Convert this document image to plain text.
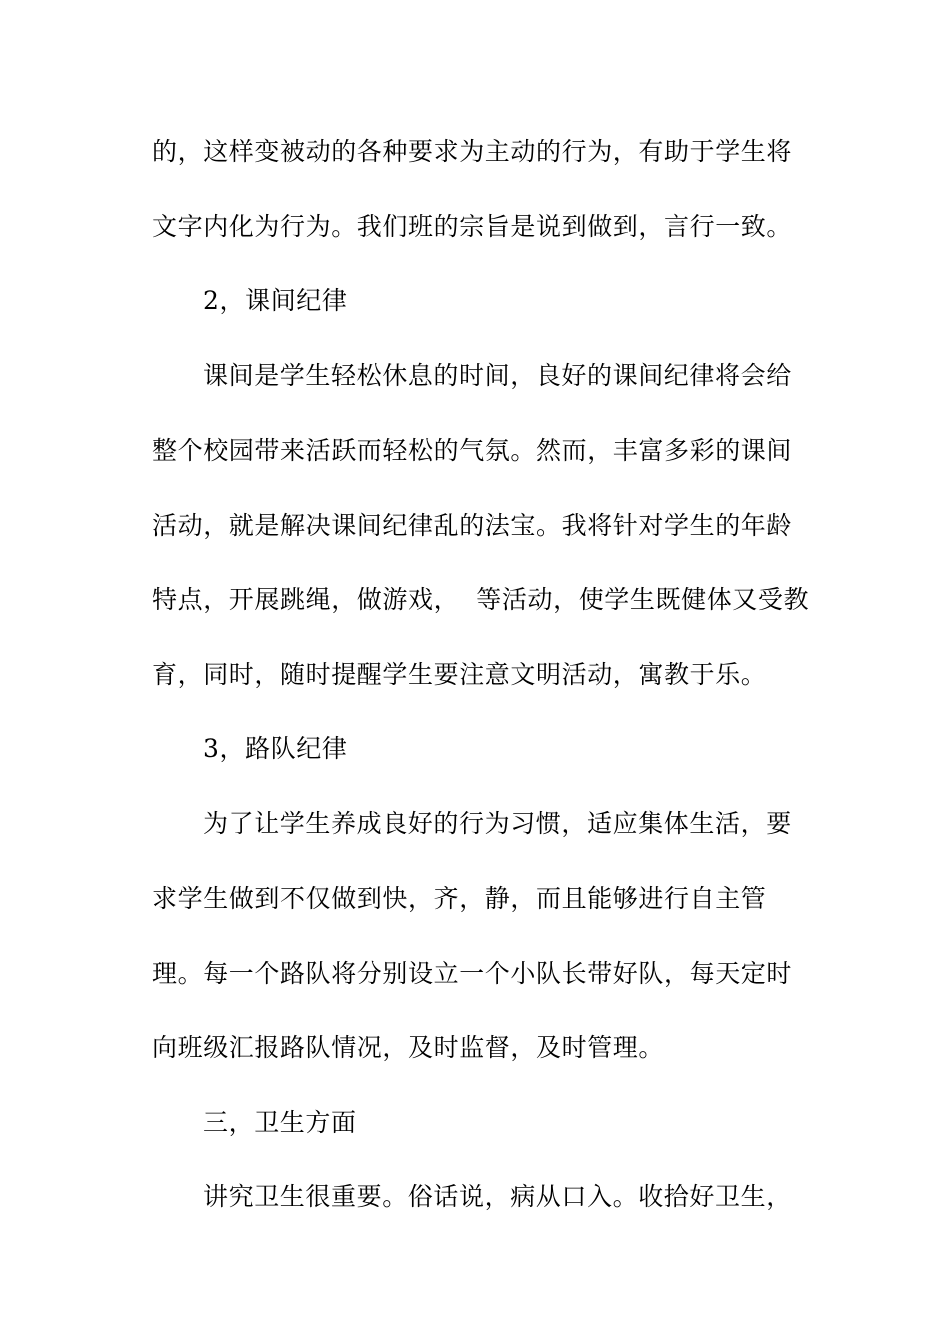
的，这样变被动的各种要求为主动的行为，有助于学生将
文字内化为行为。我们班的宗旨是说到做到，言行一致。
2，课间纪律
课间是学生轻松休息的时间，良好的课间纪律将会给
整个校园带来活跃而轻松的气氛。然而，丰富多彩的课间
活动，就是解决课间纪律乱的法宝。我将针对学生的年龄
特点，开展跳绳，做游戏，  等活动，使学生既健体又受教
育，同时，随时提醒学生要注意文明活动，寓教于乐。
3，路队纪律
为了让学生养成良好的行为习惯，适应集体生活，要
求学生做到不仅做到快，齐，静，而且能够进行自主管
理。每一个路队将分别设立一个小队长带好队，每天定时
向班级汇报路队情况，及时监督，及时管理。
三，卫生方面
讲究卫生很重要。俗话说，病从口入。收拾好卫生，
